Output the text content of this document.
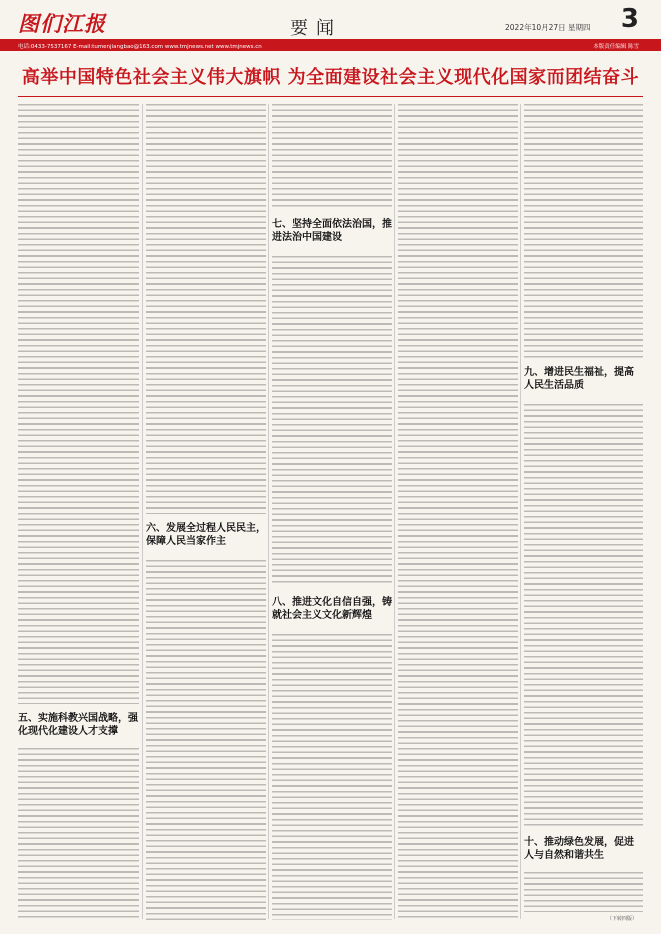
图们江报	要闻	2022年10月27日 星期四 3
电话:0433-7537167 E-mail:tumenjiangbao@163.com www.tmjnews.net www.tmjnews.cn	本版责任编辑 陈雪
高举中国特色社会主义伟大旗帜 为全面建设社会主义现代化国家而团结奋斗
五、实施科教兴国战略，强化现代化建设人才支撑
六、发展全过程人民民主，保障人民当家作主
七、坚持全面依法治国，推进法治中国建设
八、推进文化自信自强，铸就社会主义文化新辉煌
九、增进民生福祉，提高人民生活品质
十、推动绿色发展，促进人与自然和谐共生
（下转四版）
